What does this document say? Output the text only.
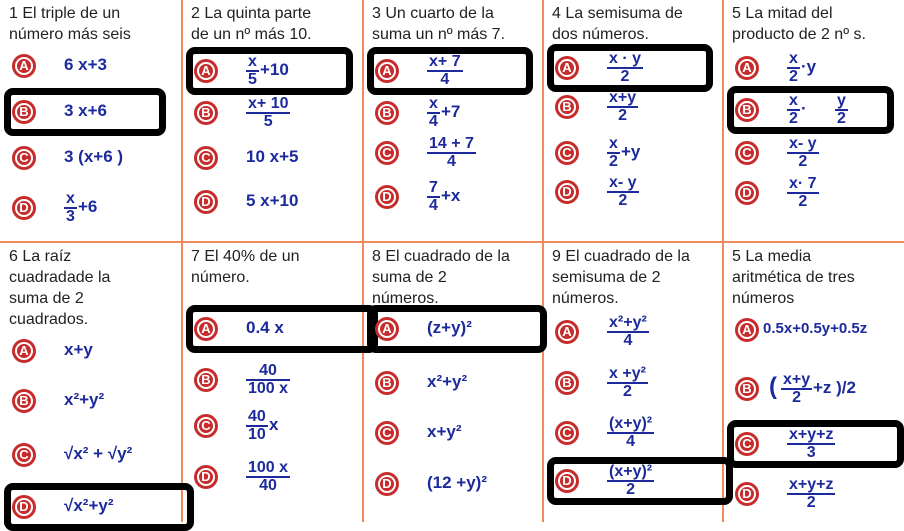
1 El triple de un
número más seis
A	6 x+3
B	3 x+6
C	3 (x+6 )
D	$\frac{x}{3} +6$
2 La quinta parte
de un nº más 10.
A	$\frac{x}{5} +10$
B	$\frac{x+ 10}{5}$
C	10 x+5
D	5 x+10
3 Un cuarto de la
suma un nº más 7.
A	$\frac{x+ 7}{4}$
B	$\frac{x}{4} +7$
C	$\frac{14 + 7}{4}$
D	$\frac{7}{4} +x$
4 La semisuma de
dos números.
A	$\frac{x \cdot y}{2}$
B	$\frac{x+y}{2}$
C	$\frac{x}{2} +y$
D	$\frac{x- y}{2}$
5 La mitad del
producto de 2 nº s.
A	$\frac{x}{2} \cdot y$
B	$\frac{x}{2} \cdot \frac{y}{2}$
C	$\frac{x- y}{2}$
D	$\frac{x\cdot 7}{2}$
6 La raíz
cuadradade la
suma de 2
cuadrados.
A	x+y
B	x²+y²
C	√x² + √y²
D	√x²+y²
7 El 40% de un
número.
A	0.4 x
B	$\frac{40}{100 x}$
C	$\frac{40}{10}$ x
D	$\frac{100 x}{40}$
8 El cuadrado de la
suma de 2
números.
A	(z+y)²
B	x²+y²
C	x+y²
D	(12 +y)²
9 El cuadrado de la
semisuma de 2
números.
A	$\frac{\text{x²+y²}}{4}$
B	$\frac{\text{x +y²}}{2}$
C	$\frac{\text{(x+y)²}}{4}$
D	$\frac{\text{(x+y)²}}{2}$
5 La media
aritmética de tres
números
A 0.5x+0.5y+0.5z
B ( $\frac{x+y}{2} +z$ )/2
C	$\frac{x+y+z}{3}$
D	$\frac{x+y+z}{2}$
